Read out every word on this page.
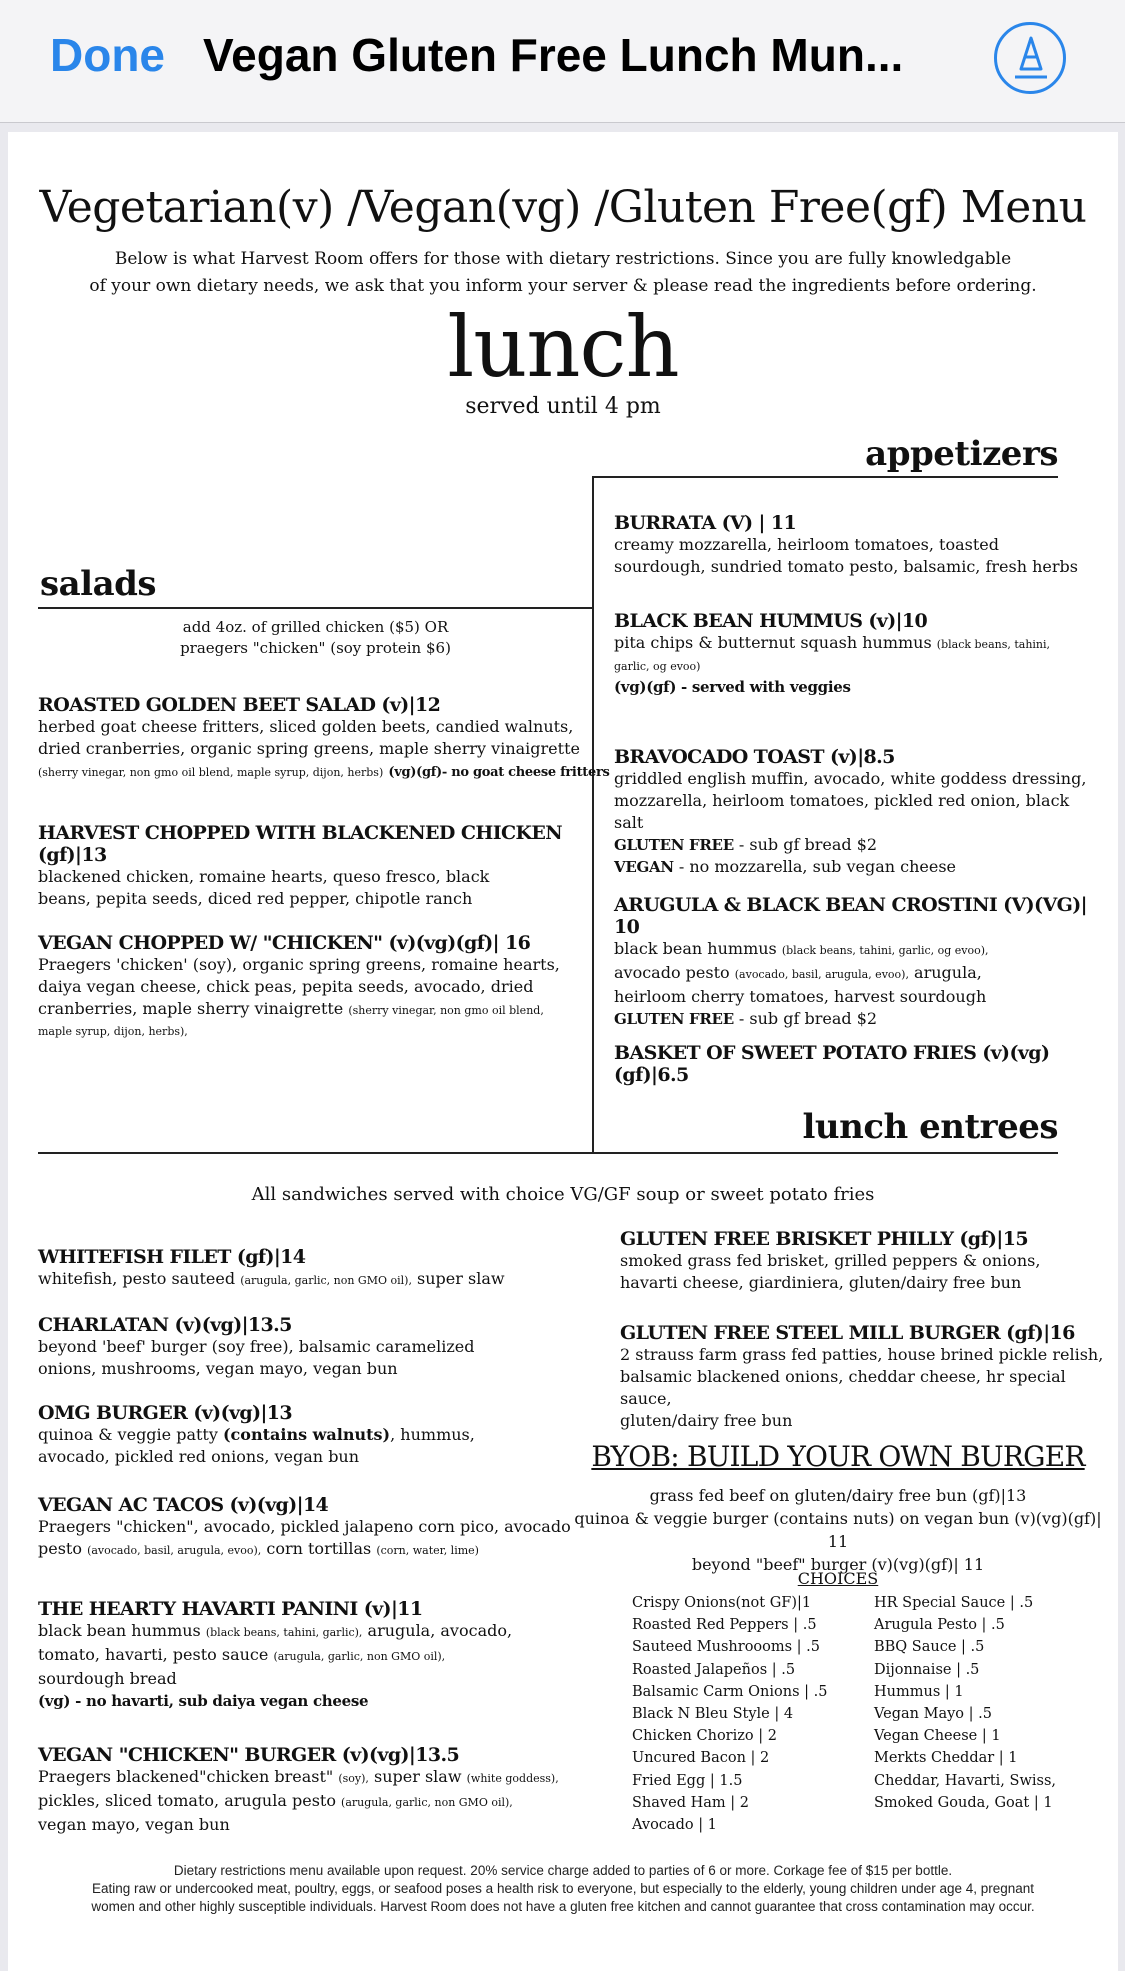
Done Vegan Gluten Free Lunch Mun...
Vegetarian(v) /Vegan(vg) /Gluten Free(gf) Menu
Below is what Harvest Room offers for those with dietary restrictions. Since you are fully knowledgable
of your own dietary needs, we ask that you inform your server & please read the ingredients before ordering.
lunch
served until 4 pm
appetizers
salads
lunch entrees
add 4oz. of grilled chicken ($5) OR
praegers "chicken" (soy protein $6)
ROASTED GOLDEN BEET SALAD (v)|12
herbed goat cheese fritters, sliced golden beets, candied walnuts,
dried cranberries, organic spring greens, maple sherry vinaigrette
(sherry vinegar, non gmo oil blend, maple syrup, dijon, herbs) (vg)(gf)- no goat cheese fritters
HARVEST CHOPPED WITH BLACKENED CHICKEN (gf)|13
blackened chicken, romaine hearts, queso fresco, black
beans, pepita seeds, diced red pepper, chipotle ranch
VEGAN CHOPPED W/ "CHICKEN" (v)(vg)(gf)| 16
Praegers 'chicken' (soy), organic spring greens, romaine hearts,
daiya vegan cheese, chick peas, pepita seeds, avocado, dried
cranberries, maple sherry vinaigrette (sherry vinegar, non gmo oil blend,
maple syrup, dijon, herbs),
BURRATA (V) | 11
creamy mozzarella, heirloom tomatoes, toasted
sourdough, sundried tomato pesto, balsamic, fresh herbs
BLACK BEAN HUMMUS (v)|10
pita chips & butternut squash hummus (black beans, tahini,
garlic, og evoo)
(vg)(gf) - served with veggies
BRAVOCADO TOAST (v)|8.5
griddled english muffin, avocado, white goddess dressing,
mozzarella, heirloom tomatoes, pickled red onion, black salt
GLUTEN FREE - sub gf bread $2
VEGAN - no mozzarella, sub vegan cheese
ARUGULA & BLACK BEAN CROSTINI (V)(VG)| 10
black bean hummus (black beans, tahini, garlic, og evoo),
avocado pesto (avocado, basil, arugula, evoo), arugula,
heirloom cherry tomatoes, harvest sourdough
GLUTEN FREE - sub gf bread $2
BASKET OF SWEET POTATO FRIES (v)(vg)(gf)|6.5
All sandwiches served with choice VG/GF soup or sweet potato fries
WHITEFISH FILET (gf)|14
whitefish, pesto sauteed (arugula, garlic, non GMO oil), super slaw
CHARLATAN (v)(vg)|13.5
beyond 'beef' burger (soy free), balsamic caramelized
onions, mushrooms, vegan mayo, vegan bun
OMG BURGER (v)(vg)|13
quinoa & veggie patty (contains walnuts), hummus,
avocado, pickled red onions, vegan bun
VEGAN AC TACOS (v)(vg)|14
Praegers "chicken", avocado, pickled jalapeno corn pico, avocado
pesto (avocado, basil, arugula, evoo), corn tortillas (corn, water, lime)
THE HEARTY HAVARTI PANINI (v)|11
black bean hummus (black beans, tahini, garlic), arugula, avocado,
tomato, havarti, pesto sauce (arugula, garlic, non GMO oil),
sourdough bread
(vg) - no havarti, sub daiya vegan cheese
VEGAN "CHICKEN" BURGER (v)(vg)|13.5
Praegers blackened"chicken breast" (soy), super slaw (white goddess),
pickles, sliced tomato, arugula pesto (arugula, garlic, non GMO oil),
vegan mayo, vegan bun
GLUTEN FREE BRISKET PHILLY (gf)|15
smoked grass fed brisket, grilled peppers & onions,
havarti cheese, giardiniera, gluten/dairy free bun
GLUTEN FREE STEEL MILL BURGER (gf)|16
2 strauss farm grass fed patties, house brined pickle relish,
balsamic blackened onions, cheddar cheese, hr special sauce,
gluten/dairy free bun
BYOB: BUILD YOUR OWN BURGER
grass fed beef on gluten/dairy free bun (gf)|13
quinoa & veggie burger (contains nuts) on vegan bun (v)(vg)(gf)| 11
beyond "beef" burger (v)(vg)(gf)| 11
CHOICES
Crispy Onions(not GF)|1
Roasted Red Peppers | .5
Sauteed Mushroooms | .5
Roasted Jalapeños | .5
Balsamic Carm Onions | .5
Black N Bleu Style | 4
Chicken Chorizo | 2
Uncured Bacon | 2
Fried Egg | 1.5
Shaved Ham | 2
Avocado | 1
HR Special Sauce | .5
Arugula Pesto | .5
BBQ Sauce | .5
Dijonnaise | .5
Hummus | 1
Vegan Mayo | .5
Vegan Cheese | 1
Merkts Cheddar | 1
Cheddar, Havarti, Swiss,
Smoked Gouda, Goat | 1
Dietary restrictions menu available upon request. 20% service charge added to parties of 6 or more. Corkage fee of $15 per bottle.
Eating raw or undercooked meat, poultry, eggs, or seafood poses a health risk to everyone, but especially to the elderly, young children under age 4, pregnant
women and other highly susceptible individuals. Harvest Room does not have a gluten free kitchen and cannot guarantee that cross contamination may occur.
